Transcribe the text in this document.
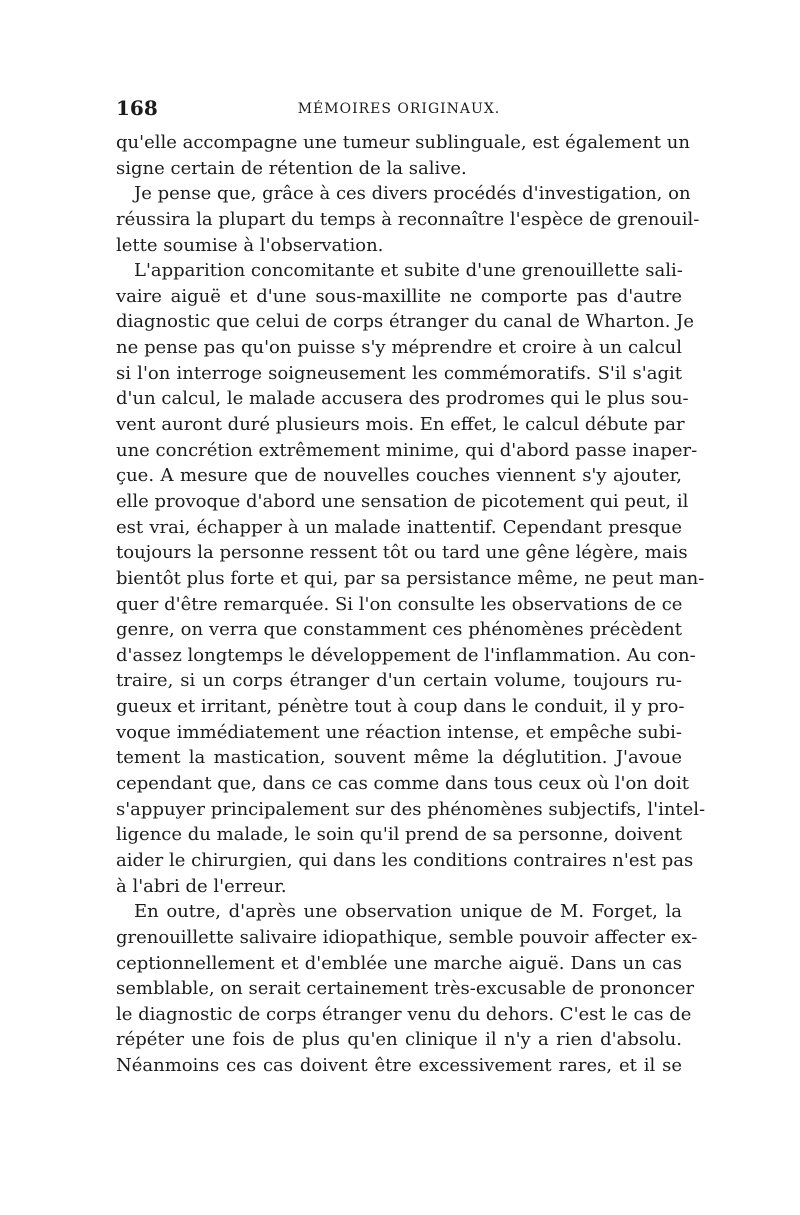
168	MÉMOIRES ORIGINAUX.
qu'elle accompagne une tumeur sublinguale, est également un
signe certain de rétention de la salive.
Je pense que, grâce à ces divers procédés d'investigation, on
réussira la plupart du temps à reconnaître l'espèce de grenouil-
lette soumise à l'observation.
L'apparition concomitante et subite d'une grenouillette sali-
vaire aiguë et d'une sous-maxillite ne comporte pas d'autre
diagnostic que celui de corps étranger du canal de Wharton. Je
ne pense pas qu'on puisse s'y méprendre et croire à un calcul
si l'on interroge soigneusement les commémoratifs. S'il s'agit
d'un calcul, le malade accusera des prodromes qui le plus sou-
vent auront duré plusieurs mois. En effet, le calcul débute par
une concrétion extrêmement minime, qui d'abord passe inaper-
çue. A mesure que de nouvelles couches viennent s'y ajouter,
elle provoque d'abord une sensation de picotement qui peut, il
est vrai, échapper à un malade inattentif. Cependant presque
toujours la personne ressent tôt ou tard une gêne légère, mais
bientôt plus forte et qui, par sa persistance même, ne peut man-
quer d'être remarquée. Si l'on consulte les observations de ce
genre, on verra que constamment ces phénomènes précèdent
d'assez longtemps le développement de l'inflammation. Au con-
traire, si un corps étranger d'un certain volume, toujours ru-
gueux et irritant, pénètre tout à coup dans le conduit, il y pro-
voque immédiatement une réaction intense, et empêche subi-
tement la mastication, souvent même la déglutition. J'avoue
cependant que, dans ce cas comme dans tous ceux où l'on doit
s'appuyer principalement sur des phénomènes subjectifs, l'intel-
ligence du malade, le soin qu'il prend de sa personne, doivent
aider le chirurgien, qui dans les conditions contraires n'est pas
à l'abri de l'erreur.
En outre, d'après une observation unique de M. Forget, la
grenouillette salivaire idiopathique, semble pouvoir affecter ex-
ceptionnellement et d'emblée une marche aiguë. Dans un cas
semblable, on serait certainement très-excusable de prononcer
le diagnostic de corps étranger venu du dehors. C'est le cas de
répéter une fois de plus qu'en clinique il n'y a rien d'absolu.
Néanmoins ces cas doivent être excessivement rares, et il se
